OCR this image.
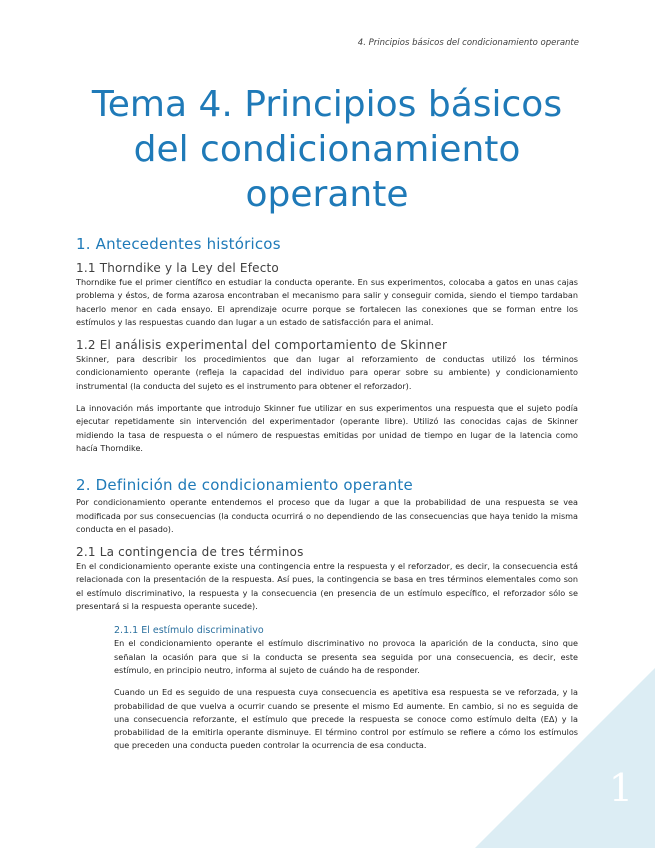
1
4. Principios básicos del condicionamiento operante
Tema 4. Principios básicos del condicionamiento operante
1. Antecedentes históricos
1.1 Thorndike y la Ley del Efecto

Thorndike fue el primer científico en estudiar la conducta operante. En sus experimentos, colocaba a gatos en unas cajas problema y éstos, de forma azarosa encontraban el mecanismo para salir y conseguir comida, siendo el tiempo tardaban hacerlo menor en cada ensayo. El aprendizaje ocurre porque se fortalecen las conexiones que se forman entre los estímulos y las respuestas cuando dan lugar a un estado de satisfacción para el animal.

1.2 El análisis experimental del comportamiento de Skinner

Skinner, para describir los procedimientos que dan lugar al reforzamiento de conductas utilizó los términos condicionamiento operante (refleja la capacidad del individuo para operar sobre su ambiente) y condicionamiento instrumental (la conducta del sujeto es el instrumento para obtener el reforzador).

La innovación más importante que introdujo Skinner fue utilizar en sus experimentos una respuesta que el sujeto podía ejecutar repetidamente sin intervención del experimentador (operante libre). Utilizó las conocidas cajas de Skinner midiendo la tasa de respuesta o el número de respuestas emitidas por unidad de tiempo en lugar de la latencia como hacía Thorndike.

2. Definición de condicionamiento operante

Por condicionamiento operante entendemos el proceso que da lugar a que la probabilidad de una respuesta se vea modificada por sus consecuencias (la conducta ocurrirá o no dependiendo de las consecuencias que haya tenido la misma conducta en el pasado).

2.1 La contingencia de tres términos

En el condicionamiento operante existe una contingencia entre la respuesta y el reforzador, es decir, la consecuencia está relacionada con la presentación de la respuesta. Así pues, la contingencia se basa en tres términos elementales como son el estímulo discriminativo, la respuesta y la consecuencia (en presencia de un estímulo específico, el reforzador sólo se presentará si la respuesta operante sucede).

2.1.1 El estímulo discriminativo

En el condicionamiento operante el estímulo discriminativo no provoca la aparición de la conducta, sino que señalan la ocasión para que si la conducta se presenta sea seguida por una consecuencia, es decir, este estímulo, en principio neutro, informa al sujeto de cuándo ha de responder.

Cuando un Ed es seguido de una respuesta cuya consecuencia es apetitiva esa respuesta se ve reforzada, y la probabilidad de que vuelva a ocurrir cuando se presente el mismo Ed aumente. En cambio, si no es seguida de una consecuencia reforzante, el estímulo que precede la respuesta se conoce como estímulo delta (EΔ) y la probabilidad de la emitirla operante disminuye. El término control por estímulo se refiere a cómo los estímulos que preceden una conducta pueden controlar la ocurrencia de esa conducta.
